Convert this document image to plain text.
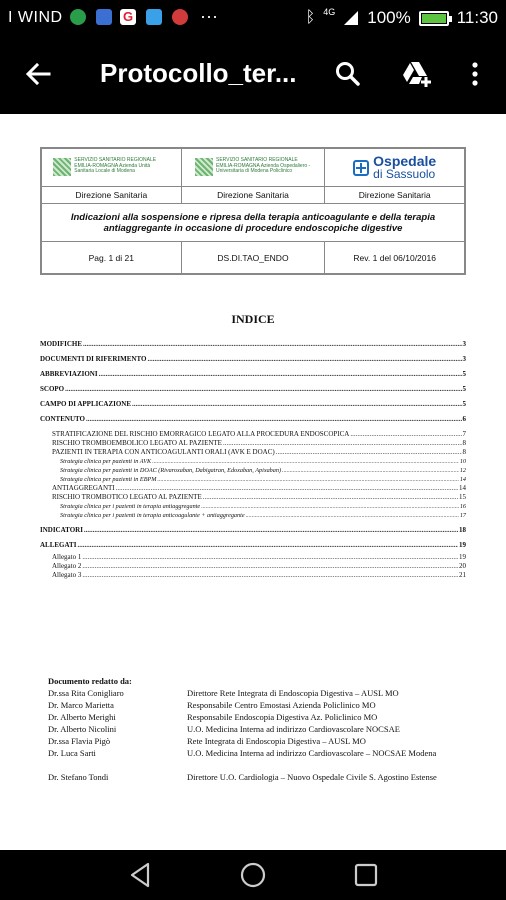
I WIND	G	···	ᛒ 4G 100%	11:30
Protocollo_ter...
SERVIZIO SANITARIO REGIONALE EMILIA-ROMAGNA Azienda Unità Sanitaria Locale di Modena	SERVIZIO SANITARIO REGIONALE EMILIA-ROMAGNA Azienda Ospedaliero - Universitaria di Modena Policlinico	Ospedale
di Sassuolo

Direzione Sanitaria	Direzione Sanitaria	Direzione Sanitaria
Indicazioni alla sospensione e ripresa della terapia anticoagulante e della terapia antiaggregante in occasione di procedure endoscopiche digestive		
Pag. 1 di 21	DS.DI.TAO_ENDO	Rev. 1 del 06/10/2016
INDICE
MODIFICHE .....	3
DOCUMENTI DI RIFERIMENTO .....	3
ABBREVIAZIONI .....	5
SCOPO .....	5
CAMPO DI APPLICAZIONE .....	5
CONTENUTO .....	6
STRATIFICAZIONE DEL RISCHIO EMORRAGICO LEGATO ALLA PROCEDURA ENDOSCOPICA .....	7
RISCHIO TROMBOEMBOLICO LEGATO AL PAZIENTE .....	8
PAZIENTI IN TERAPIA CON ANTICOAGULANTI ORALI (AVK E DOAC) .....	8
Strategia clinica per pazienti in AVK .....	10
Strategia clinica per pazienti in DOAC (Rivaroxaban, Dabigatran, Edoxaban, Apixaban) .....	12
Strategia clinica per pazienti in EBPM .....	14
ANTIAGGREGANTI .....	14
RISCHIO TROMBOTICO LEGATO AL PAZIENTE .....	15
Strategia clinica per i pazienti in terapia antiaggregante .....	16
Strategia clinica per i pazienti in terapia anticoagulante + antiaggregante .....	17
INDICATORI .....	18
ALLEGATI .....	19
Allegato 1 .....	19
Allegato 2 .....	20
Allegato 3 .....	21
Documento redatto da:
Dr.ssa Rita Conigliaro	Direttore Rete Integrata di Endoscopia Digestiva – AUSL MO
Dr. Marco Marietta	Responsabile Centro Emostasi Azienda Policlinico MO
Dr. Alberto Merighi	Responsabile Endoscopia Digestiva Az. Policlinico MO
Dr. Alberto Nicolini	U.O. Medicina Interna ad indirizzo Cardiovascolare NOCSAE
Dr.ssa Flavia Pigò	Rete Integrata di Endoscopia Digestiva – AUSL MO
Dr. Luca Sarti	U.O. Medicina Interna ad indirizzo Cardiovascolare – NOCSAE Modena
Dr. Stefano Tondi	Direttore U.O. Cardiologia – Nuovo Ospedale Civile S. Agostino Estense
